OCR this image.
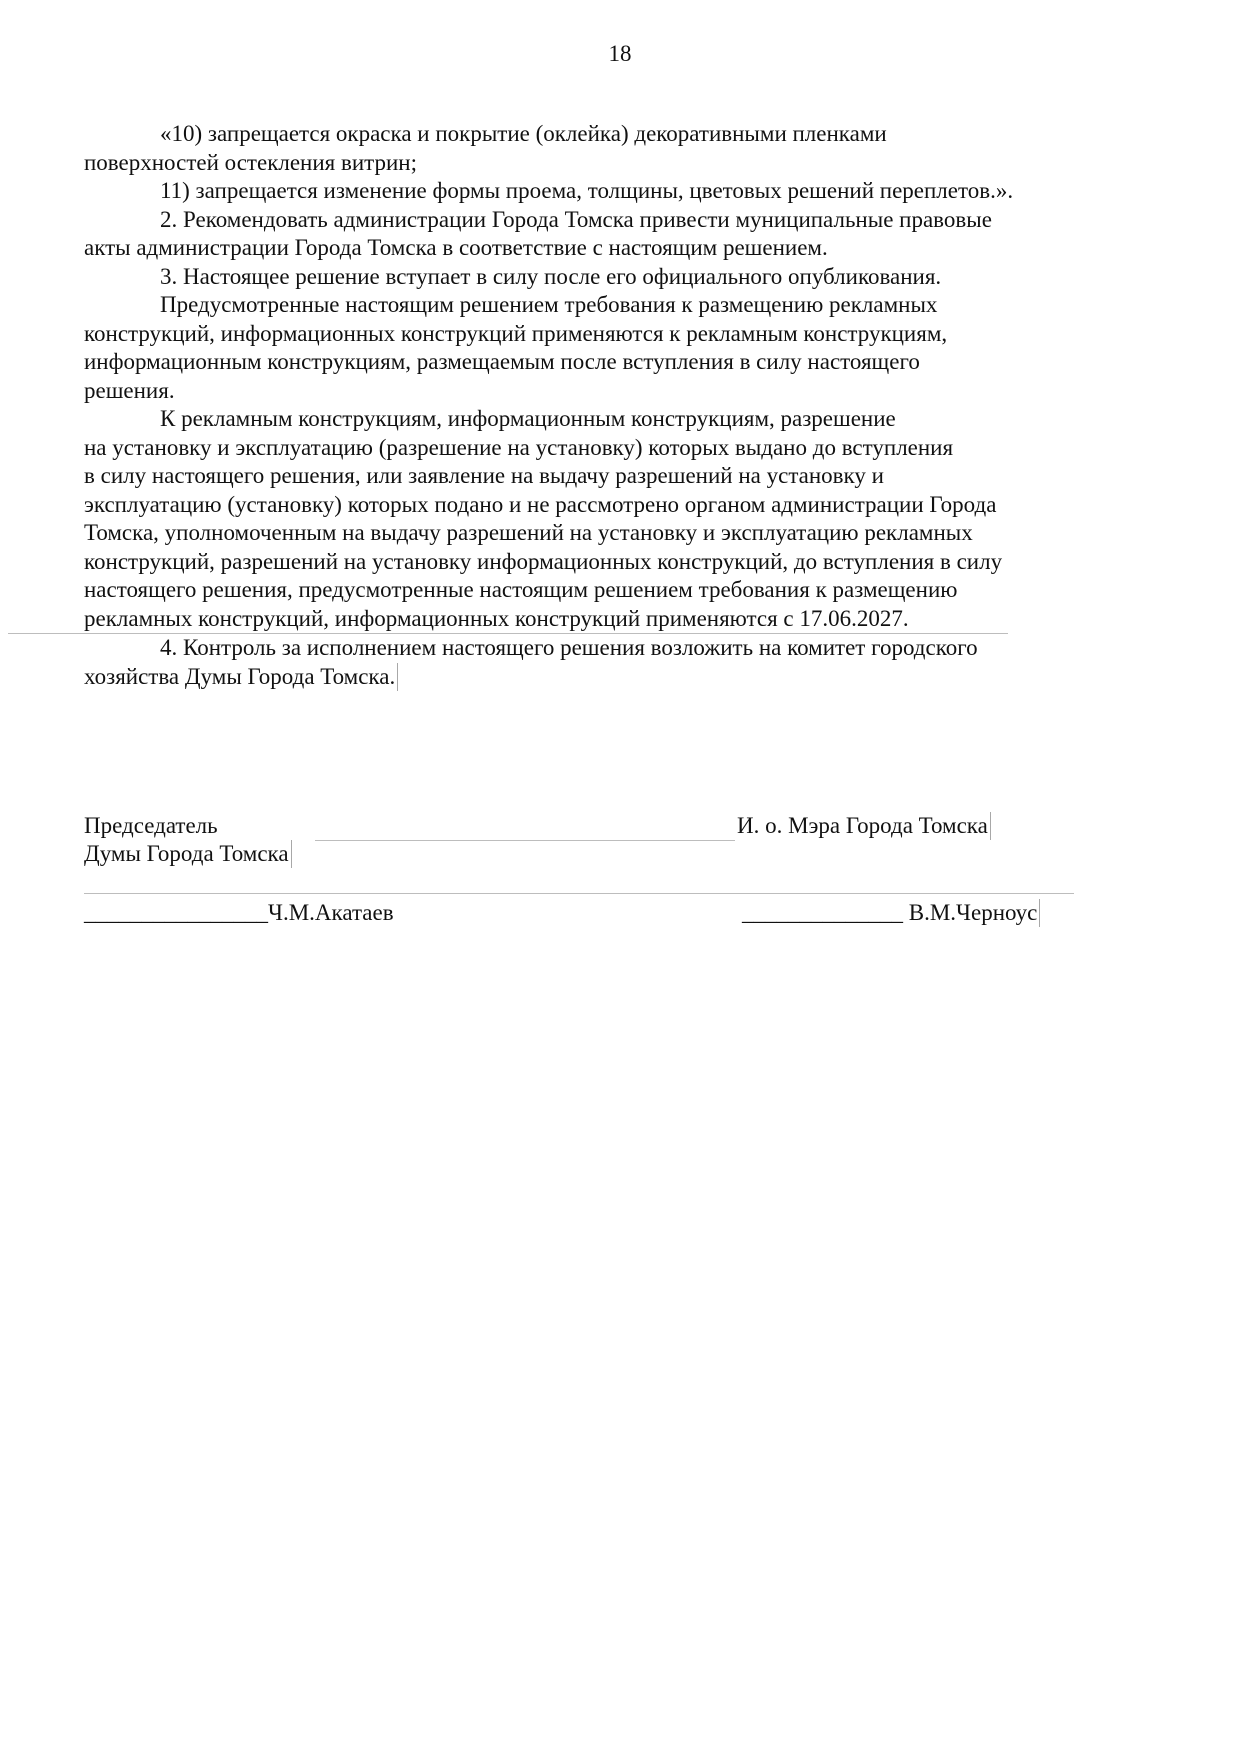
18

«10) запрещается окраска и покрытие (оклейка) декоративными пленками
поверхностей остекления витрин;

11) запрещается изменение формы проема, толщины, цветовых решений переплетов.».

2. Рекомендовать администрации Города Томска привести муниципальные правовые
акты администрации Города Томска в соответствие с настоящим решением.

3. Настоящее решение вступает в силу после его официального опубликования.

Предусмотренные настоящим решением требования к размещению рекламных
конструкций, информационных конструкций применяются к рекламным конструкциям,
информационным конструкциям, размещаемым после вступления в силу настоящего
решения.

К рекламным конструкциям, информационным конструкциям, разрешение
на установку и эксплуатацию (разрешение на установку) которых выдано до вступления
в силу настоящего решения, или заявление на выдачу разрешений на установку и
эксплуатацию (установку) которых подано и не рассмотрено органом администрации Города
Томска, уполномоченным на выдачу разрешений на установку и эксплуатацию рекламных
конструкций, разрешений на установку информационных конструкций, до вступления в силу
настоящего решения, предусмотренные настоящим решением требования к размещению
рекламных конструкций, информационных конструкций применяются с 17.06.2027.

4. Контроль за исполнением настоящего решения возложить на комитет городского
хозяйства Думы Города Томска.

Председатель
Думы Города Томска
И. о. Мэра Города Томска
________________Ч.М.Акатаев	______________ В.М.Черноус
